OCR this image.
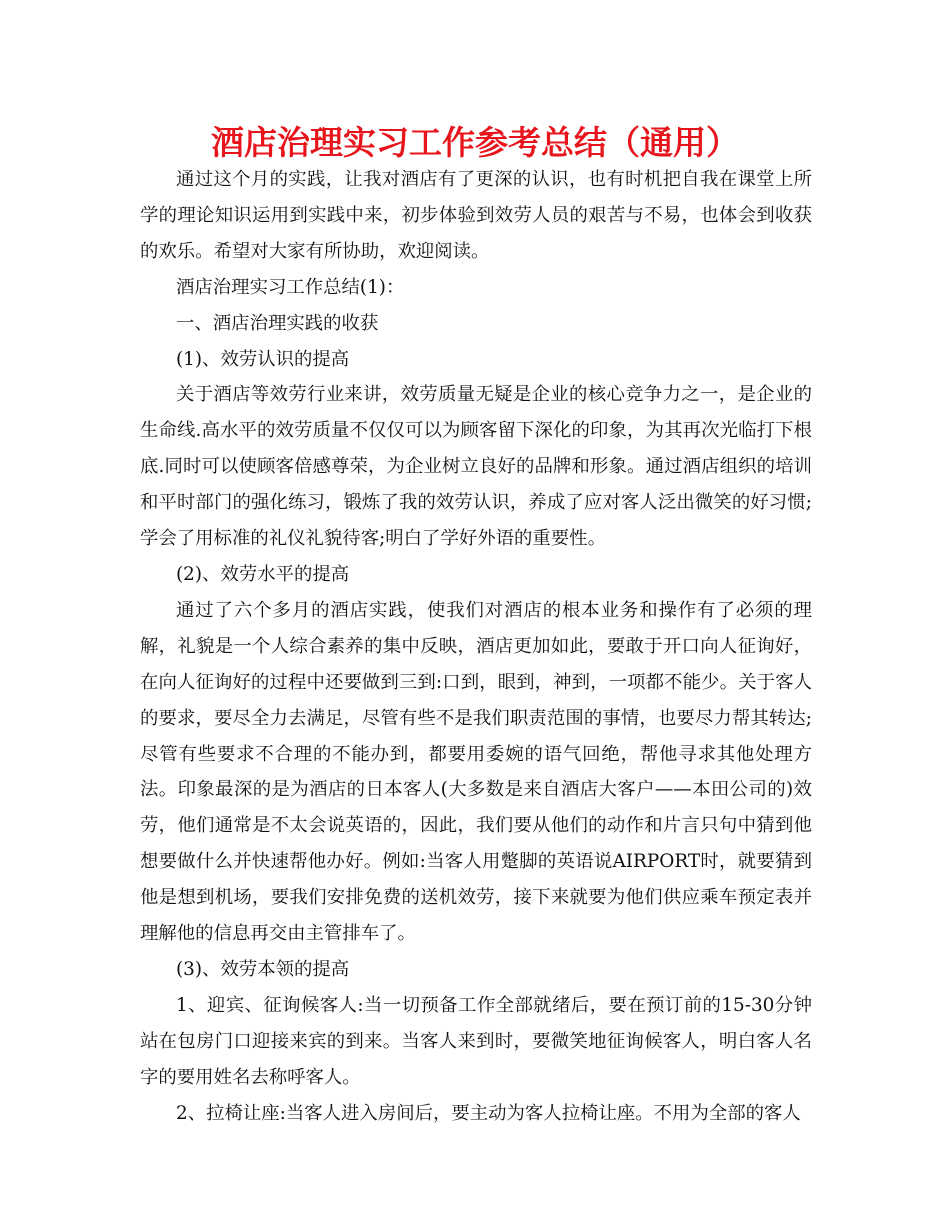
酒店治理实习工作参考总结（通用）

通过这个月的实践，让我对酒店有了更深的认识，也有时机把自我在课堂上所学的理论知识运用到实践中来，初步体验到效劳人员的艰苦与不易，也体会到收获的欢乐。希望对大家有所协助，欢迎阅读。

酒店治理实习工作总结(1)：

一、酒店治理实践的收获

(1)、效劳认识的提高

关于酒店等效劳行业来讲，效劳质量无疑是企业的核心竞争力之一，是企业的生命线.高水平的效劳质量不仅仅可以为顾客留下深化的印象，为其再次光临打下根底.同时可以使顾客倍感尊荣，为企业树立良好的品牌和形象。通过酒店组织的培训和平时部门的强化练习，锻炼了我的效劳认识，养成了应对客人泛出微笑的好习惯;学会了用标准的礼仪礼貌待客;明白了学好外语的重要性。

(2)、效劳水平的提高

通过了六个多月的酒店实践，使我们对酒店的根本业务和操作有了必须的理解，礼貌是一个人综合素养的集中反映，酒店更加如此，要敢于开口向人征询好，在向人征询好的过程中还要做到三到:口到，眼到，神到，一项都不能少。关于客人的要求，要尽全力去满足，尽管有些不是我们职责范围的事情，也要尽力帮其转达;尽管有些要求不合理的不能办到，都要用委婉的语气回绝，帮他寻求其他处理方法。印象最深的是为酒店的日本客人(大多数是来自酒店大客户——本田公司的)效劳，他们通常是不太会说英语的，因此，我们要从他们的动作和片言只句中猜到他想要做什么并快速帮他办好。例如:当客人用蹩脚的英语说AIRPORT时，就要猜到他是想到机场，要我们安排免费的送机效劳，接下来就要为他们供应乘车预定表并理解他的信息再交由主管排车了。

(3)、效劳本领的提高

1、迎宾、征询候客人:当一切预备工作全部就绪后，要在预订前的15-30分钟站在包房门口迎接来宾的到来。当客人来到时，要微笑地征询候客人，明白客人名字的要用姓名去称呼客人。

2、拉椅让座:当客人进入房间后，要主动为客人拉椅让座。不用为全部的客人
